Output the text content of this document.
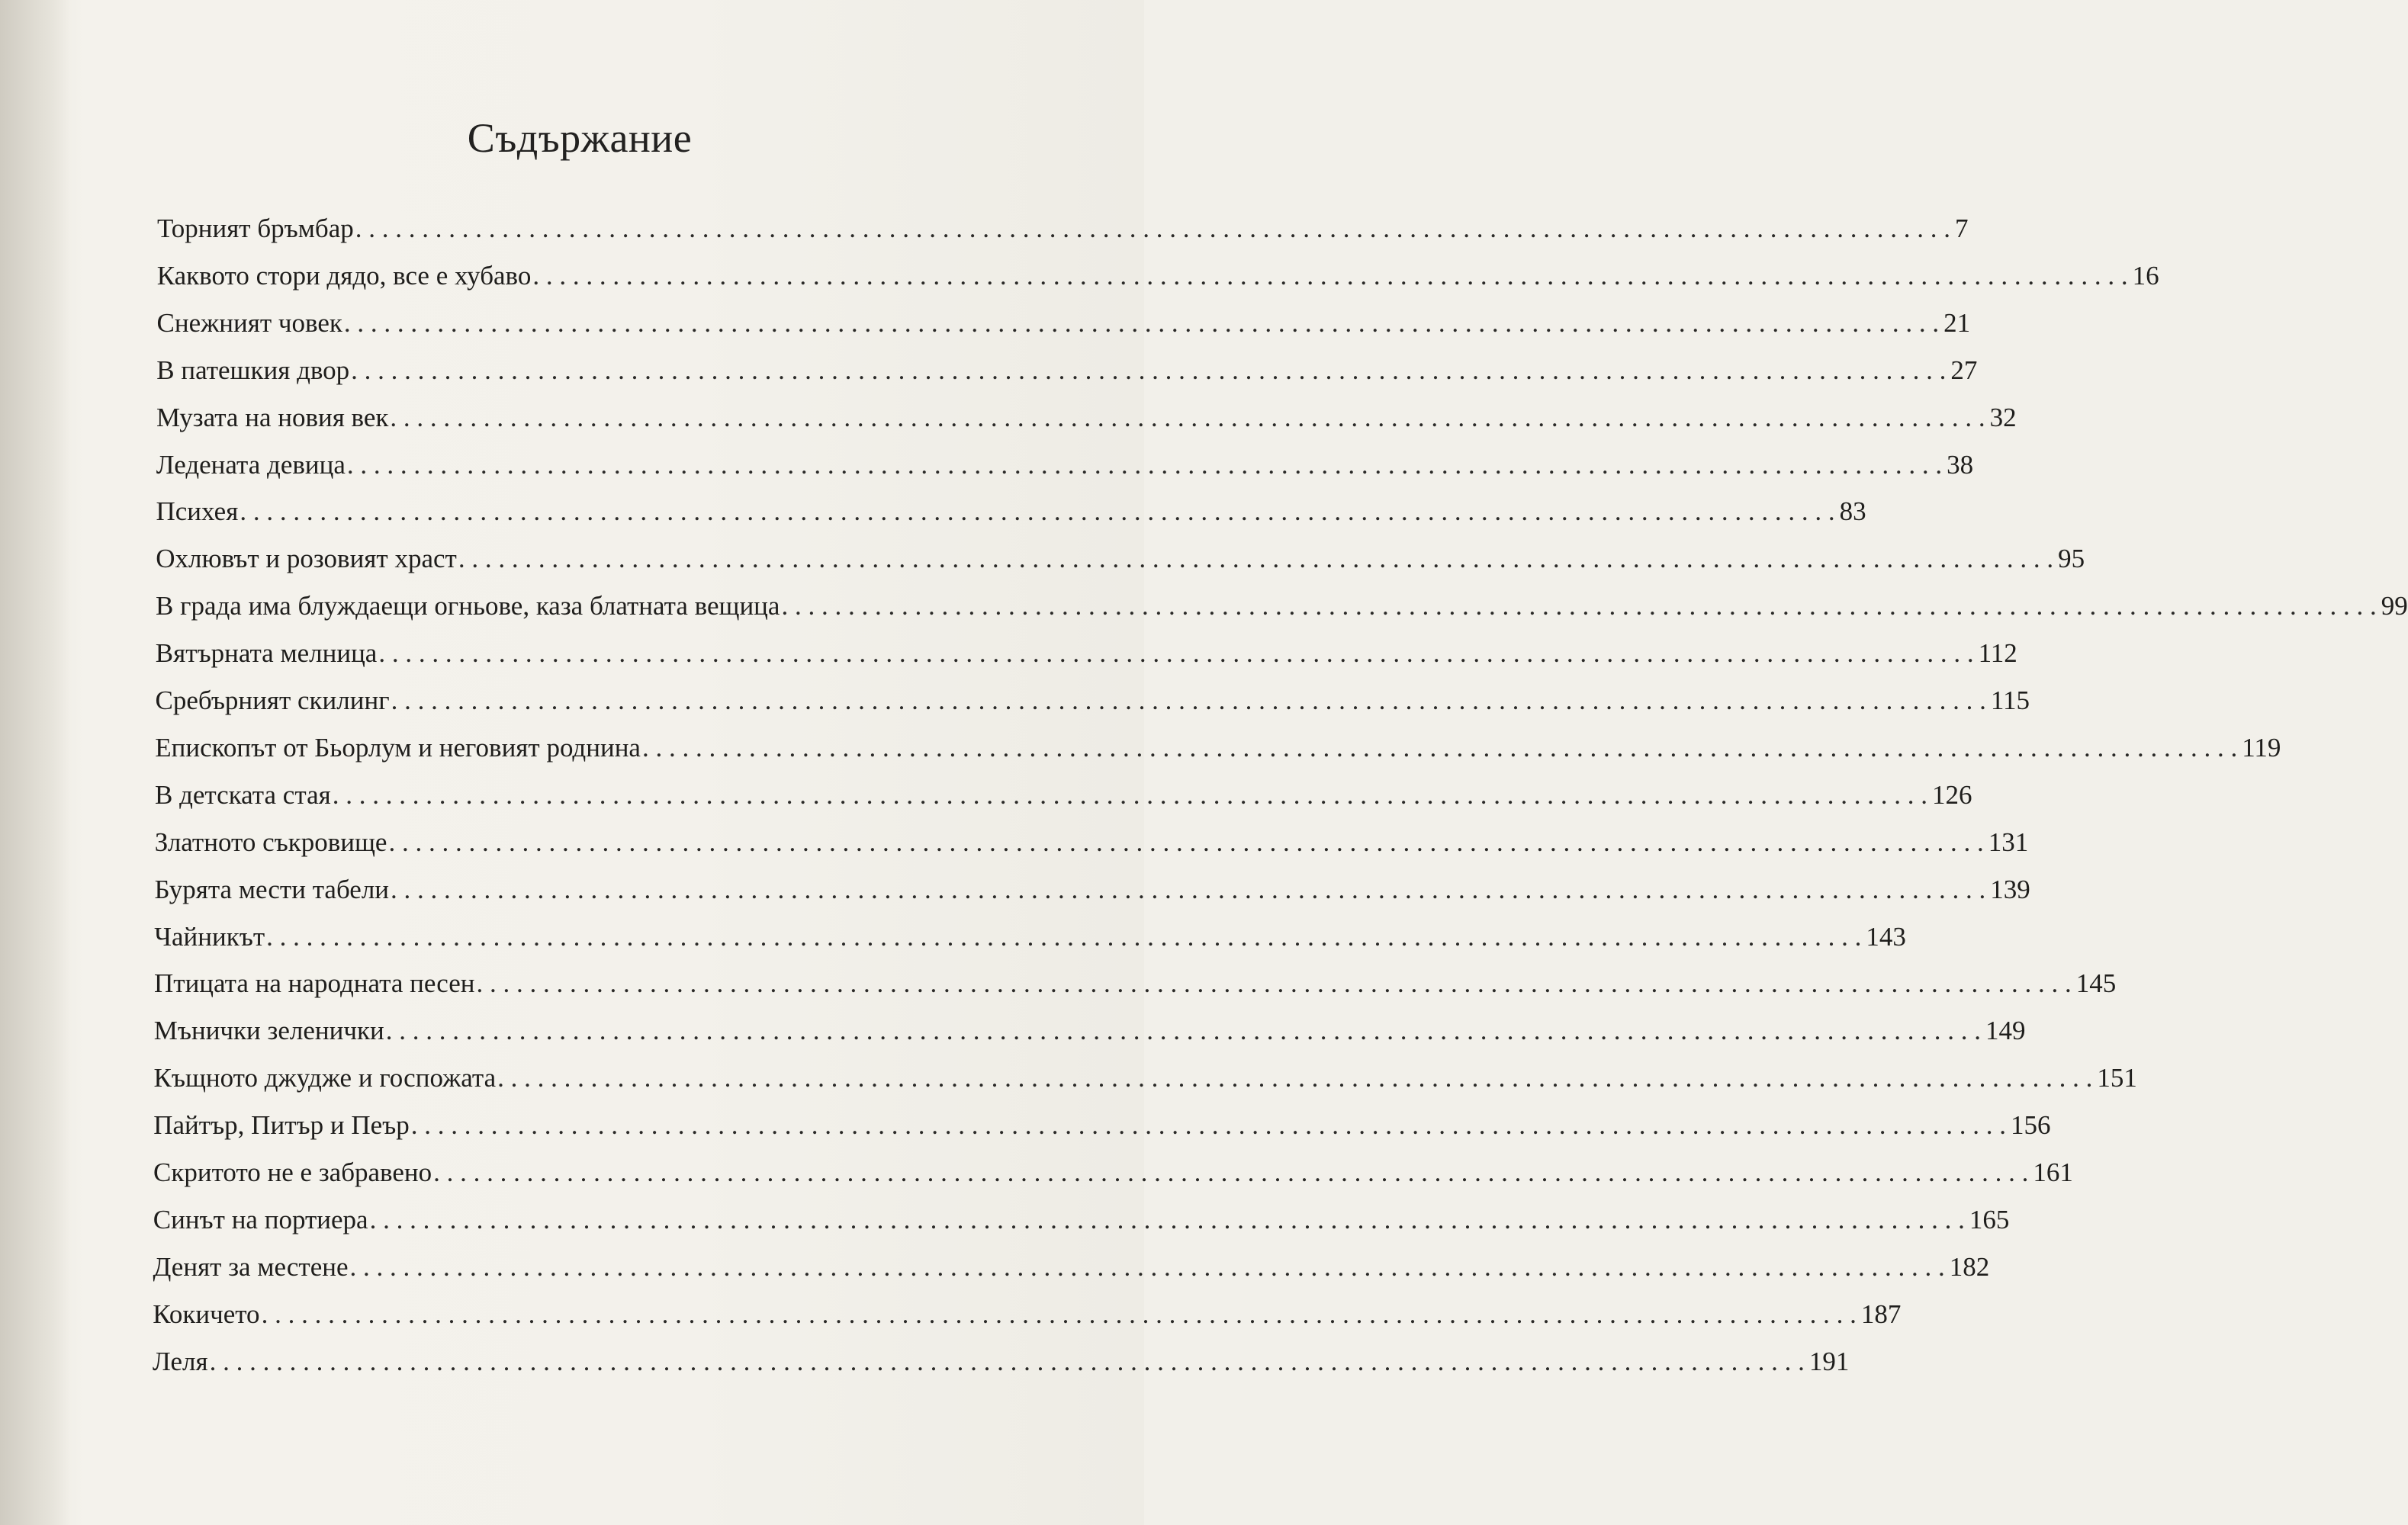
Съдържание
Торният бръмбар . . . . . . . . . . . . . . . . . . . . . . . . . . . . . . . . . . . . . . . . . . . . . . . . . . . . . . . . . . . . . . . . . . . . . . . . . . . . . . . . . . . . . . . . . . . . . . . . . . . . . . . . . . . . . . . . . . . . . . . . 7
Каквото стори дядо, все е хубаво . . . . . . . . . . . . . . . . . . . . . . . . . . . . . . . . . . . . . . . . . . . . . . . . . . . . . . . . . . . . . . . . . . . . . . . . . . . . . . . . . . . . . . . . . . . . . . . . . . . . . . . . . . . . . . . . . . . . . . . . 16
Снежният човек . . . . . . . . . . . . . . . . . . . . . . . . . . . . . . . . . . . . . . . . . . . . . . . . . . . . . . . . . . . . . . . . . . . . . . . . . . . . . . . . . . . . . . . . . . . . . . . . . . . . . . . . . . . . . . . . . . . . . . . . 21
В патешкия двор . . . . . . . . . . . . . . . . . . . . . . . . . . . . . . . . . . . . . . . . . . . . . . . . . . . . . . . . . . . . . . . . . . . . . . . . . . . . . . . . . . . . . . . . . . . . . . . . . . . . . . . . . . . . . . . . . . . . . . . . 27
Музата на новия век . . . . . . . . . . . . . . . . . . . . . . . . . . . . . . . . . . . . . . . . . . . . . . . . . . . . . . . . . . . . . . . . . . . . . . . . . . . . . . . . . . . . . . . . . . . . . . . . . . . . . . . . . . . . . . . . . . . . . . . . 32
Ледената девица . . . . . . . . . . . . . . . . . . . . . . . . . . . . . . . . . . . . . . . . . . . . . . . . . . . . . . . . . . . . . . . . . . . . . . . . . . . . . . . . . . . . . . . . . . . . . . . . . . . . . . . . . . . . . . . . . . . . . . . . 38
Психея . . . . . . . . . . . . . . . . . . . . . . . . . . . . . . . . . . . . . . . . . . . . . . . . . . . . . . . . . . . . . . . . . . . . . . . . . . . . . . . . . . . . . . . . . . . . . . . . . . . . . . . . . . . . . . . . . . . . . . . . 83
Охлювът и розовият храст . . . . . . . . . . . . . . . . . . . . . . . . . . . . . . . . . . . . . . . . . . . . . . . . . . . . . . . . . . . . . . . . . . . . . . . . . . . . . . . . . . . . . . . . . . . . . . . . . . . . . . . . . . . . . . . . . . . . . . . . 95
В града има блуждаещи огньове, каза блатната вещица . . . . . . . . . . . . . . . . . . . . . . . . . . . . . . . . . . . . . . . . . . . . . . . . . . . . . . . . . . . . . . . . . . . . . . . . . . . . . . . . . . . . . . . . . . . . . . . . . . . . . . . . . . . . . . . . . . . . . . . . 99
Вятърната мелница . . . . . . . . . . . . . . . . . . . . . . . . . . . . . . . . . . . . . . . . . . . . . . . . . . . . . . . . . . . . . . . . . . . . . . . . . . . . . . . . . . . . . . . . . . . . . . . . . . . . . . . . . . . . . . . . . . . . . . . . 112
Сребърният скилинг . . . . . . . . . . . . . . . . . . . . . . . . . . . . . . . . . . . . . . . . . . . . . . . . . . . . . . . . . . . . . . . . . . . . . . . . . . . . . . . . . . . . . . . . . . . . . . . . . . . . . . . . . . . . . . . . . . . . . . . . 115
Епископът от Бьорлум и неговият роднина . . . . . . . . . . . . . . . . . . . . . . . . . . . . . . . . . . . . . . . . . . . . . . . . . . . . . . . . . . . . . . . . . . . . . . . . . . . . . . . . . . . . . . . . . . . . . . . . . . . . . . . . . . . . . . . . . . . . . . . . 119
В детската стая . . . . . . . . . . . . . . . . . . . . . . . . . . . . . . . . . . . . . . . . . . . . . . . . . . . . . . . . . . . . . . . . . . . . . . . . . . . . . . . . . . . . . . . . . . . . . . . . . . . . . . . . . . . . . . . . . . . . . . . . 126
Златното съкровище . . . . . . . . . . . . . . . . . . . . . . . . . . . . . . . . . . . . . . . . . . . . . . . . . . . . . . . . . . . . . . . . . . . . . . . . . . . . . . . . . . . . . . . . . . . . . . . . . . . . . . . . . . . . . . . . . . . . . . . . 131
Бурята мести табели . . . . . . . . . . . . . . . . . . . . . . . . . . . . . . . . . . . . . . . . . . . . . . . . . . . . . . . . . . . . . . . . . . . . . . . . . . . . . . . . . . . . . . . . . . . . . . . . . . . . . . . . . . . . . . . . . . . . . . . . 139
Чайникът . . . . . . . . . . . . . . . . . . . . . . . . . . . . . . . . . . . . . . . . . . . . . . . . . . . . . . . . . . . . . . . . . . . . . . . . . . . . . . . . . . . . . . . . . . . . . . . . . . . . . . . . . . . . . . . . . . . . . . . . 143
Птицата на народната песен . . . . . . . . . . . . . . . . . . . . . . . . . . . . . . . . . . . . . . . . . . . . . . . . . . . . . . . . . . . . . . . . . . . . . . . . . . . . . . . . . . . . . . . . . . . . . . . . . . . . . . . . . . . . . . . . . . . . . . . . 145
Мънички зеленички . . . . . . . . . . . . . . . . . . . . . . . . . . . . . . . . . . . . . . . . . . . . . . . . . . . . . . . . . . . . . . . . . . . . . . . . . . . . . . . . . . . . . . . . . . . . . . . . . . . . . . . . . . . . . . . . . . . . . . . . 149
Къщното джудже и госпожата . . . . . . . . . . . . . . . . . . . . . . . . . . . . . . . . . . . . . . . . . . . . . . . . . . . . . . . . . . . . . . . . . . . . . . . . . . . . . . . . . . . . . . . . . . . . . . . . . . . . . . . . . . . . . . . . . . . . . . . . 151
Пайтър, Питър и Пеър . . . . . . . . . . . . . . . . . . . . . . . . . . . . . . . . . . . . . . . . . . . . . . . . . . . . . . . . . . . . . . . . . . . . . . . . . . . . . . . . . . . . . . . . . . . . . . . . . . . . . . . . . . . . . . . . . . . . . . . . 156
Скритото не е забравено . . . . . . . . . . . . . . . . . . . . . . . . . . . . . . . . . . . . . . . . . . . . . . . . . . . . . . . . . . . . . . . . . . . . . . . . . . . . . . . . . . . . . . . . . . . . . . . . . . . . . . . . . . . . . . . . . . . . . . . . 161
Синът на портиера . . . . . . . . . . . . . . . . . . . . . . . . . . . . . . . . . . . . . . . . . . . . . . . . . . . . . . . . . . . . . . . . . . . . . . . . . . . . . . . . . . . . . . . . . . . . . . . . . . . . . . . . . . . . . . . . . . . . . . . . 165
Денят за местене . . . . . . . . . . . . . . . . . . . . . . . . . . . . . . . . . . . . . . . . . . . . . . . . . . . . . . . . . . . . . . . . . . . . . . . . . . . . . . . . . . . . . . . . . . . . . . . . . . . . . . . . . . . . . . . . . . . . . . . . 182
Кокичето . . . . . . . . . . . . . . . . . . . . . . . . . . . . . . . . . . . . . . . . . . . . . . . . . . . . . . . . . . . . . . . . . . . . . . . . . . . . . . . . . . . . . . . . . . . . . . . . . . . . . . . . . . . . . . . . . . . . . . . . 187
Леля . . . . . . . . . . . . . . . . . . . . . . . . . . . . . . . . . . . . . . . . . . . . . . . . . . . . . . . . . . . . . . . . . . . . . . . . . . . . . . . . . . . . . . . . . . . . . . . . . . . . . . . . . . . . . . . . . . . . . . . . 191
